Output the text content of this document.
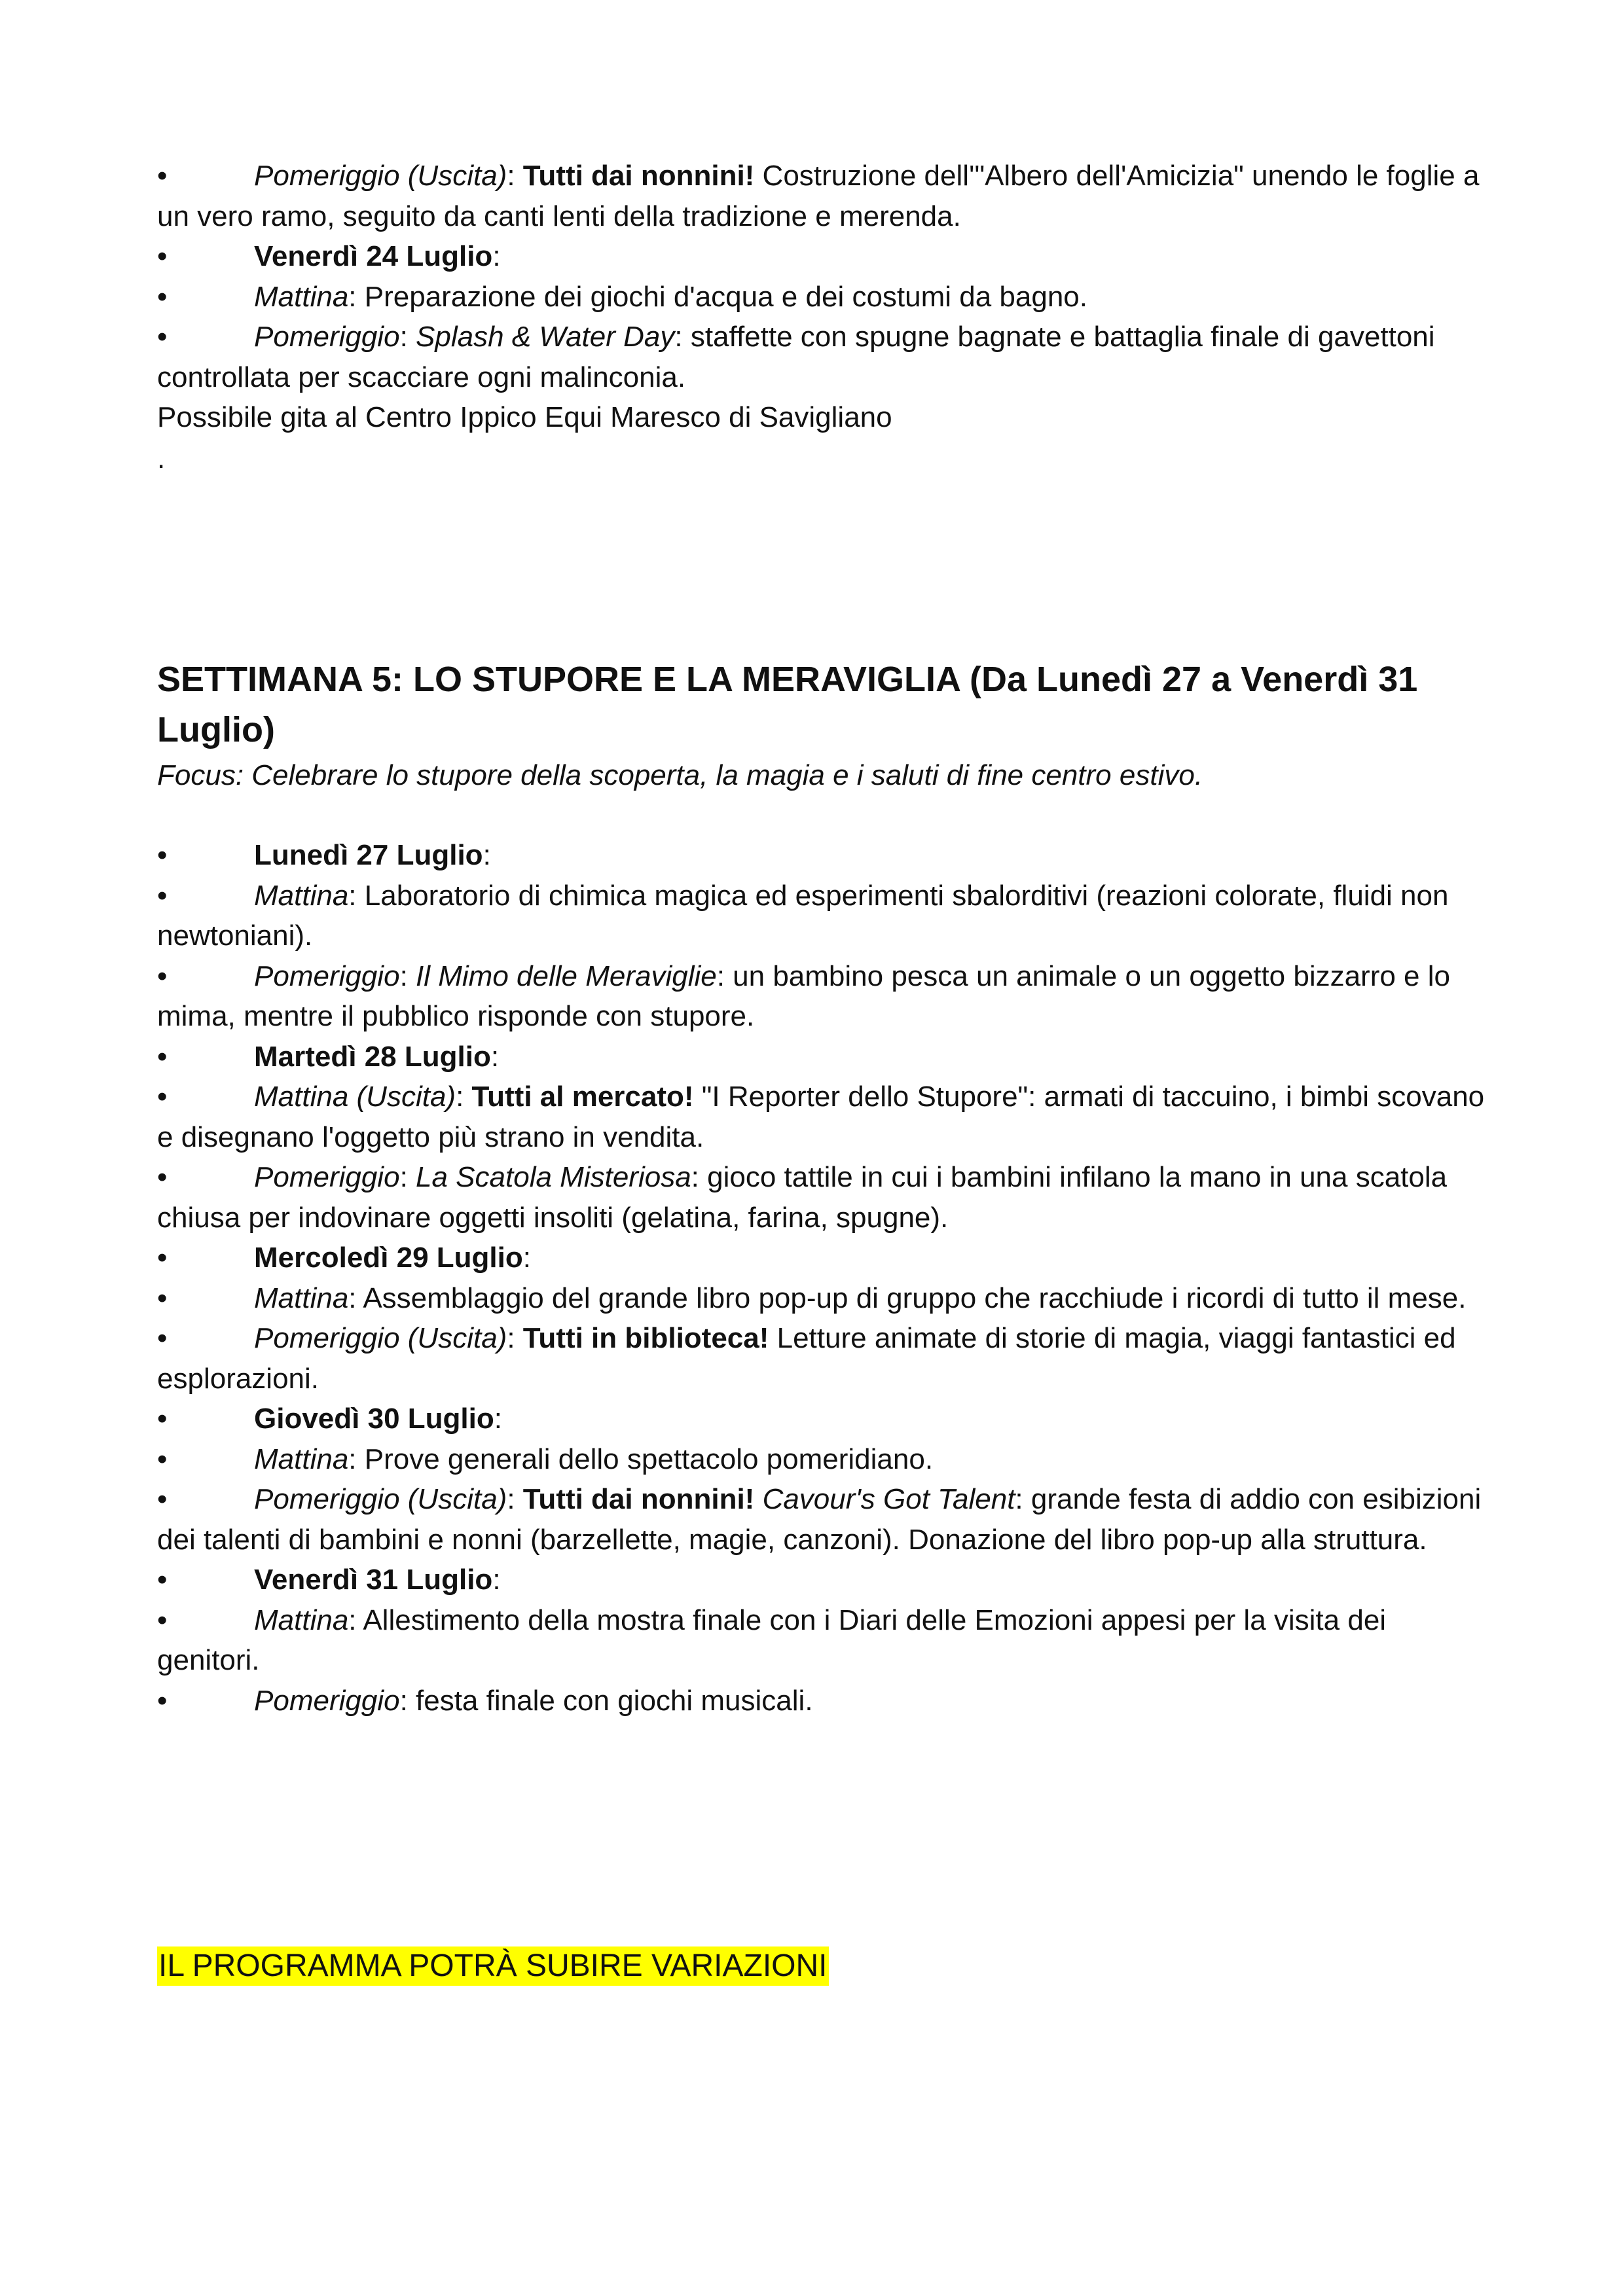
•	Pomeriggio (Uscita): Tutti dai nonnini! Costruzione dell'"Albero dell'Amicizia" unendo le foglie a un vero ramo, seguito da canti lenti della tradizione e merenda.
•	Venerdì 24 Luglio:
•	Mattina: Preparazione dei giochi d'acqua e dei costumi da bagno.
•	Pomeriggio: Splash & Water Day: staffette con spugne bagnate e battaglia finale di gavettoni controllata per scacciare ogni malinconia.
Possibile gita al Centro Ippico Equi Maresco di Savigliano
.
SETTIMANA 5: LO STUPORE E LA MERAVIGLIA (Da Lunedì 27 a Venerdì 31 Luglio)
Focus: Celebrare lo stupore della scoperta, la magia e i saluti di fine centro estivo.
•	Lunedì 27 Luglio:
•	Mattina: Laboratorio di chimica magica ed esperimenti sbalorditivi (reazioni colorate, fluidi non newtoniani).
•	Pomeriggio: Il Mimo delle Meraviglie: un bambino pesca un animale o un oggetto bizzarro e lo mima, mentre il pubblico risponde con stupore.
•	Martedì 28 Luglio:
•	Mattina (Uscita): Tutti al mercato! "I Reporter dello Stupore": armati di taccuino, i bimbi scovano e disegnano l'oggetto più strano in vendita.
•	Pomeriggio: La Scatola Misteriosa: gioco tattile in cui i bambini infilano la mano in una scatola chiusa per indovinare oggetti insoliti (gelatina, farina, spugne).
•	Mercoledì 29 Luglio:
•	Mattina: Assemblaggio del grande libro pop-up di gruppo che racchiude i ricordi di tutto il mese.
•	Pomeriggio (Uscita): Tutti in biblioteca! Letture animate di storie di magia, viaggi fantastici ed esplorazioni.
•	Giovedì 30 Luglio:
•	Mattina: Prove generali dello spettacolo pomeridiano.
•	Pomeriggio (Uscita): Tutti dai nonnini! Cavour's Got Talent: grande festa di addio con esibizioni dei talenti di bambini e nonni (barzellette, magie, canzoni). Donazione del libro pop-up alla struttura.
•	Venerdì 31 Luglio:
•	Mattina: Allestimento della mostra finale con i Diari delle Emozioni appesi per la visita dei genitori.
•	Pomeriggio: festa finale con giochi musicali.
IL PROGRAMMA POTRÀ SUBIRE VARIAZIONI
